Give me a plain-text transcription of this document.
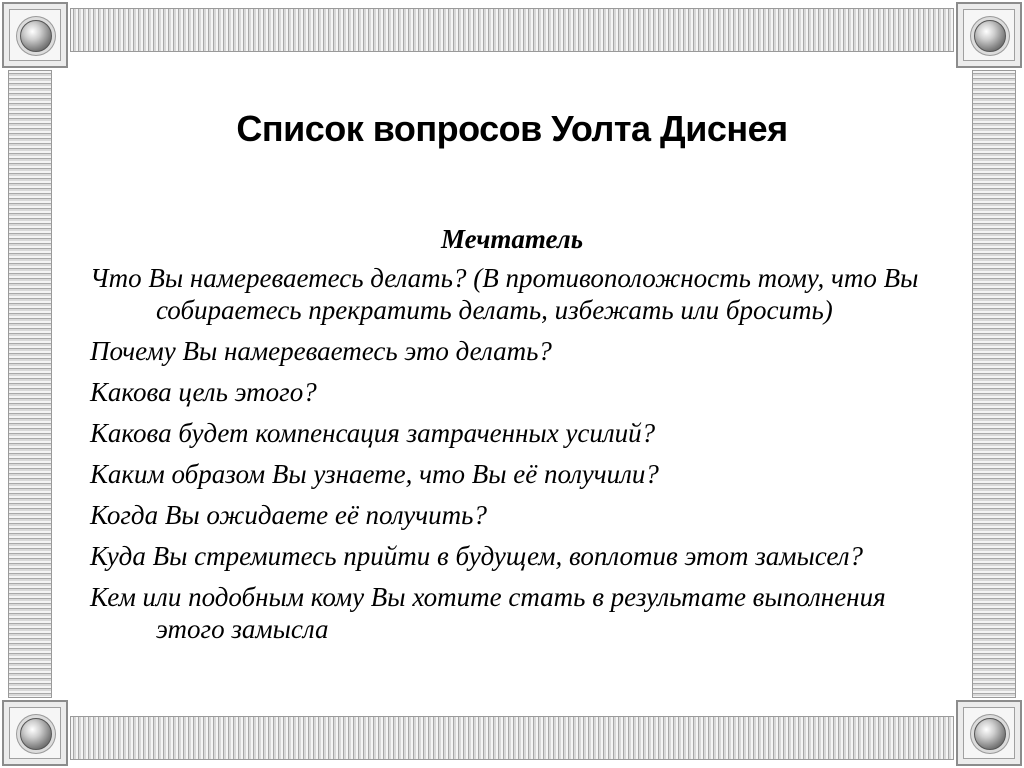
Список вопросов Уолта Диснея
Мечтатель
Что Вы намереваетесь делать? (В противоположность тому, что Вы собираетесь прекратить делать, избежать или бросить)
Почему Вы намереваетесь это делать?
Какова цель этого?
Какова будет компенсация затраченных усилий?
Каким образом Вы узнаете, что Вы её получили?
Когда Вы ожидаете её получить?
Куда Вы стремитесь прийти в будущем, воплотив этот замысел?
Кем или подобным кому Вы хотите стать в результате выполнения этого замысла
